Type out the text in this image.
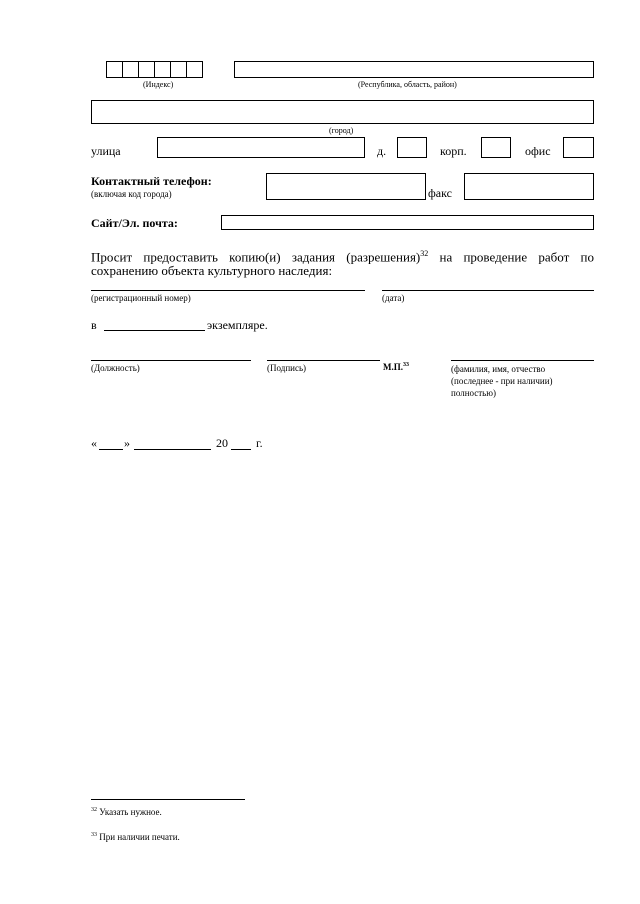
(Индекс)	(Республика, область, район)
(город)
улица	д.	корп.	офис
Контактный телефон:
(включая код города)	факс
Сайт/Эл. почта:
Просит предоставить копию(и) задания (разрешения)$^{32}$ на проведение работ по
сохранению объекта культурного наследия:
(регистрационный номер)	(дата)
в	экземпляре.
(Должность)	(Подпись)	М.П.$^{33}$	(фамилия, имя, отчество
(последнее - при наличии)
полностью)
« »	20 г.
$^{32}$ Указать нужное.
$^{33}$ При наличии печати.
